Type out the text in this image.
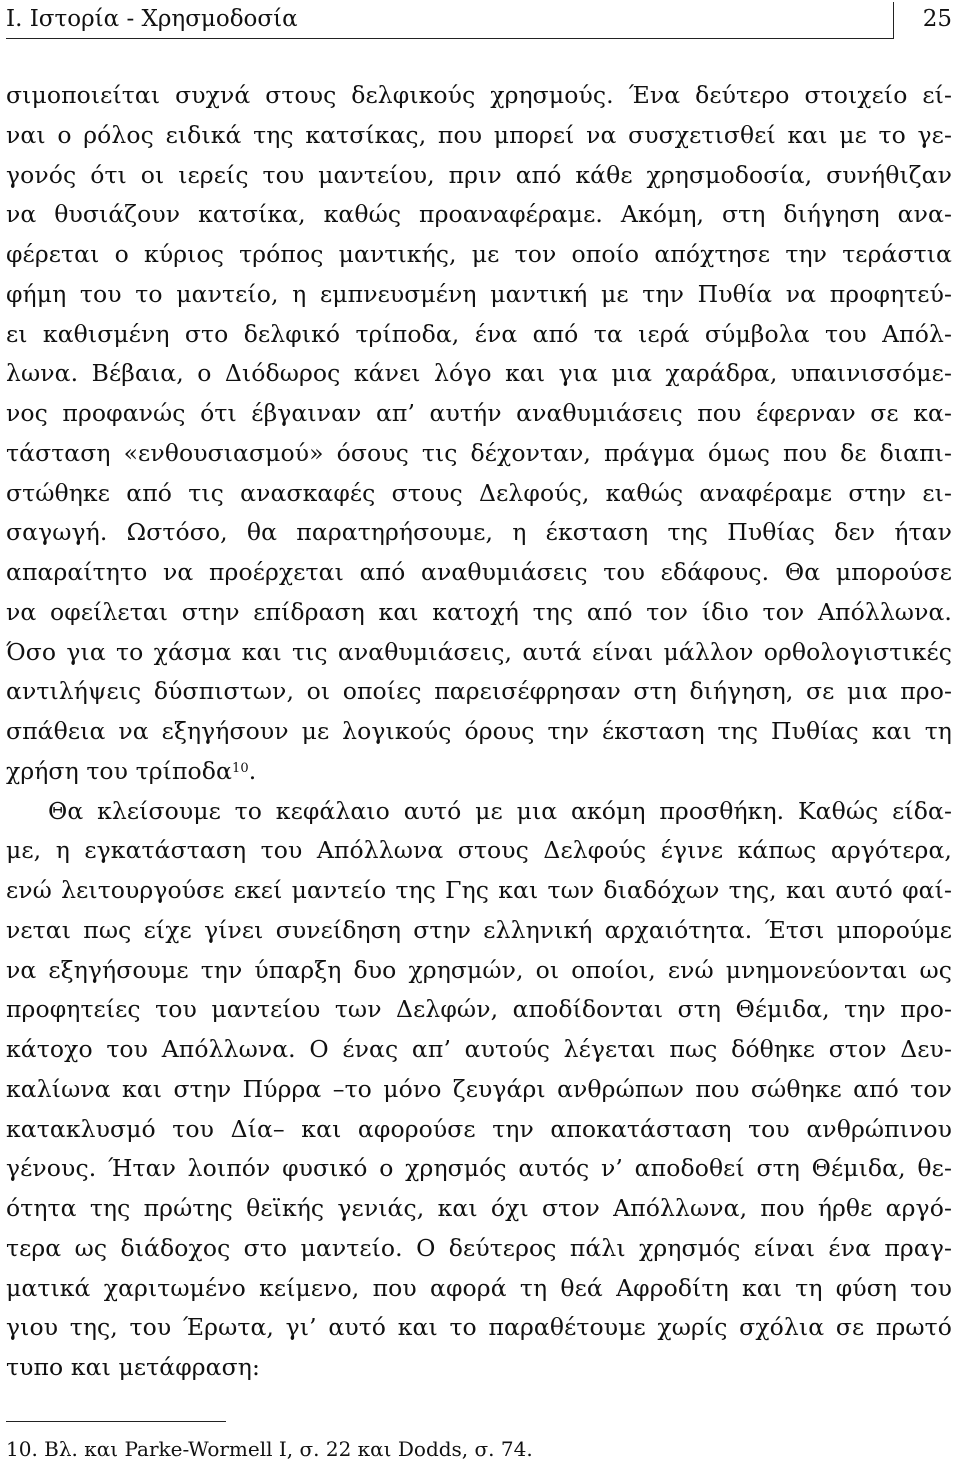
I. Ιστορία - Χρησμοδοσία	25
σιμοποιείται συχνά στους δελφικούς χρησμούς. Ένα δεύτερο στοιχείο εί-
ναι ο ρόλος ειδικά της κατσίκας, που μπορεί να συσχετισθεί και με το γε-
γονός ότι οι ιερείς του μαντείου, πριν από κάθε χρησμοδοσία, συνήθιζαν
να θυσιάζουν κατσίκα, καθώς προαναφέραμε. Ακόμη, στη διήγηση ανα-
φέρεται ο κύριος τρόπος μαντικής, με τον οποίο απόχτησε την τεράστια
φήμη του το μαντείο, η εμπνευσμένη μαντική με την Πυθία να προφητεύ-
ει καθισμένη στο δελφικό τρίποδα, ένα από τα ιερά σύμβολα του Απόλ-
λωνα. Βέβαια, ο Διόδωρος κάνει λόγο και για μια χαράδρα, υπαινισσόμε-
νος προφανώς ότι έβγαιναν απ’ αυτήν αναθυμιάσεις που έφερναν σε κα-
τάσταση «ενθουσιασμού» όσους τις δέχονταν, πράγμα όμως που δε διαπι-
στώθηκε από τις ανασκαφές στους Δελφούς, καθώς αναφέραμε στην ει-
σαγωγή. Ωστόσο, θα παρατηρήσουμε, η έκσταση της Πυθίας δεν ήταν
απαραίτητο να προέρχεται από αναθυμιάσεις του εδάφους. Θα μπορούσε
να οφείλεται στην επίδραση και κατοχή της από τον ίδιο τον Απόλλωνα.
Όσο για το χάσμα και τις αναθυμιάσεις, αυτά είναι μάλλον ορθολογιστικές
αντιλήψεις δύσπιστων, οι οποίες παρεισέφρησαν στη διήγηση, σε μια προ-
σπάθεια να εξηγήσουν με λογικούς όρους την έκσταση της Πυθίας και τη
χρήση του τρίποδα$^{10}$.
Θα κλείσουμε το κεφάλαιο αυτό με μια ακόμη προσθήκη. Καθώς είδα-
με, η εγκατάσταση του Απόλλωνα στους Δελφούς έγινε κάπως αργότερα,
ενώ λειτουργούσε εκεί μαντείο της Γης και των διαδόχων της, και αυτό φαί-
νεται πως είχε γίνει συνείδηση στην ελληνική αρχαιότητα. Έτσι μπορούμε
να εξηγήσουμε την ύπαρξη δυο χρησμών, οι οποίοι, ενώ μνημονεύονται ως
προφητείες του μαντείου των Δελφών, αποδίδονται στη Θέμιδα, την προ-
κάτοχο του Απόλλωνα. Ο ένας απ’ αυτούς λέγεται πως δόθηκε στον Δευ-
καλίωνα και στην Πύρρα –το μόνο ζευγάρι ανθρώπων που σώθηκε από τον
κατακλυσμό του Δία– και αφορούσε την αποκατάσταση του ανθρώπινου
γένους. Ήταν λοιπόν φυσικό ο χρησμός αυτός ν’ αποδοθεί στη Θέμιδα, θε-
ότητα της πρώτης θεϊκής γενιάς, και όχι στον Απόλλωνα, που ήρθε αργό-
τερα ως διάδοχος στο μαντείο. Ο δεύτερος πάλι χρησμός είναι ένα πραγ-
ματικά χαριτωμένο κείμενο, που αφορά τη θεά Αφροδίτη και τη φύση του
γιου της, του Έρωτα, γι’ αυτό και το παραθέτουμε χωρίς σχόλια σε πρωτό
τυπο και μετάφραση:
10. Βλ. και Parke-Wormell I, σ. 22 και Dodds, σ. 74.
